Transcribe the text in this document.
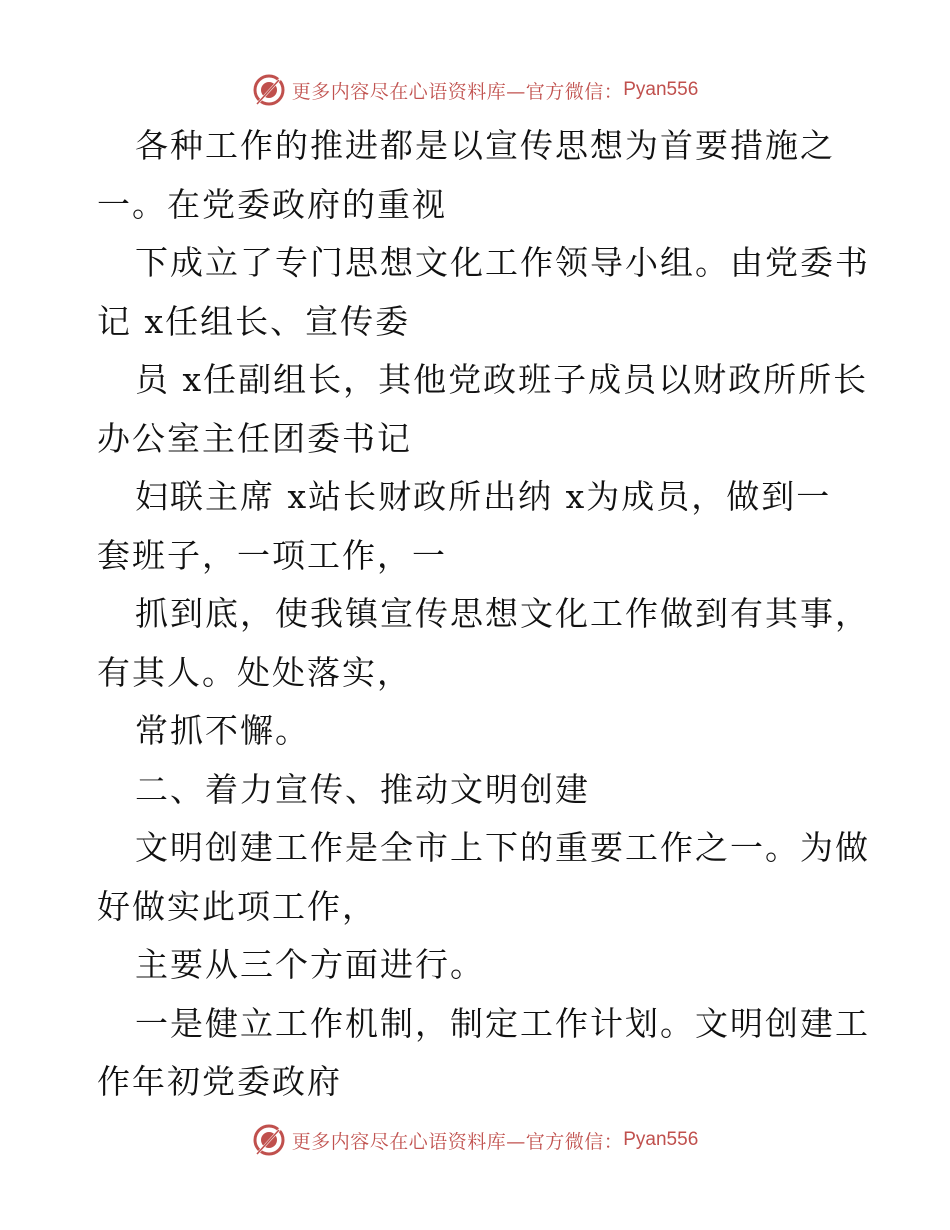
更多内容尽在心语资料库—官方微信： Pyan556
各种工作的推进都是以宣传思想为首要措施之
一。在党委政府的重视
下成立了专门思想文化工作领导小组。由党委书
记 x任组长、宣传委
员 x任副组长，其他党政班子成员以财政所所长
办公室主任团委书记
妇联主席 x站长财政所出纳 x为成员，做到一
套班子，一项工作，一
抓到底，使我镇宣传思想文化工作做到有其事，
有其人。处处落实，
常抓不懈。
二、着力宣传、推动文明创建
文明创建工作是全市上下的重要工作之一。为做
好做实此项工作，
主要从三个方面进行。
一是健立工作机制，制定工作计划。文明创建工
作年初党委政府
更多内容尽在心语资料库—官方微信： Pyan556
